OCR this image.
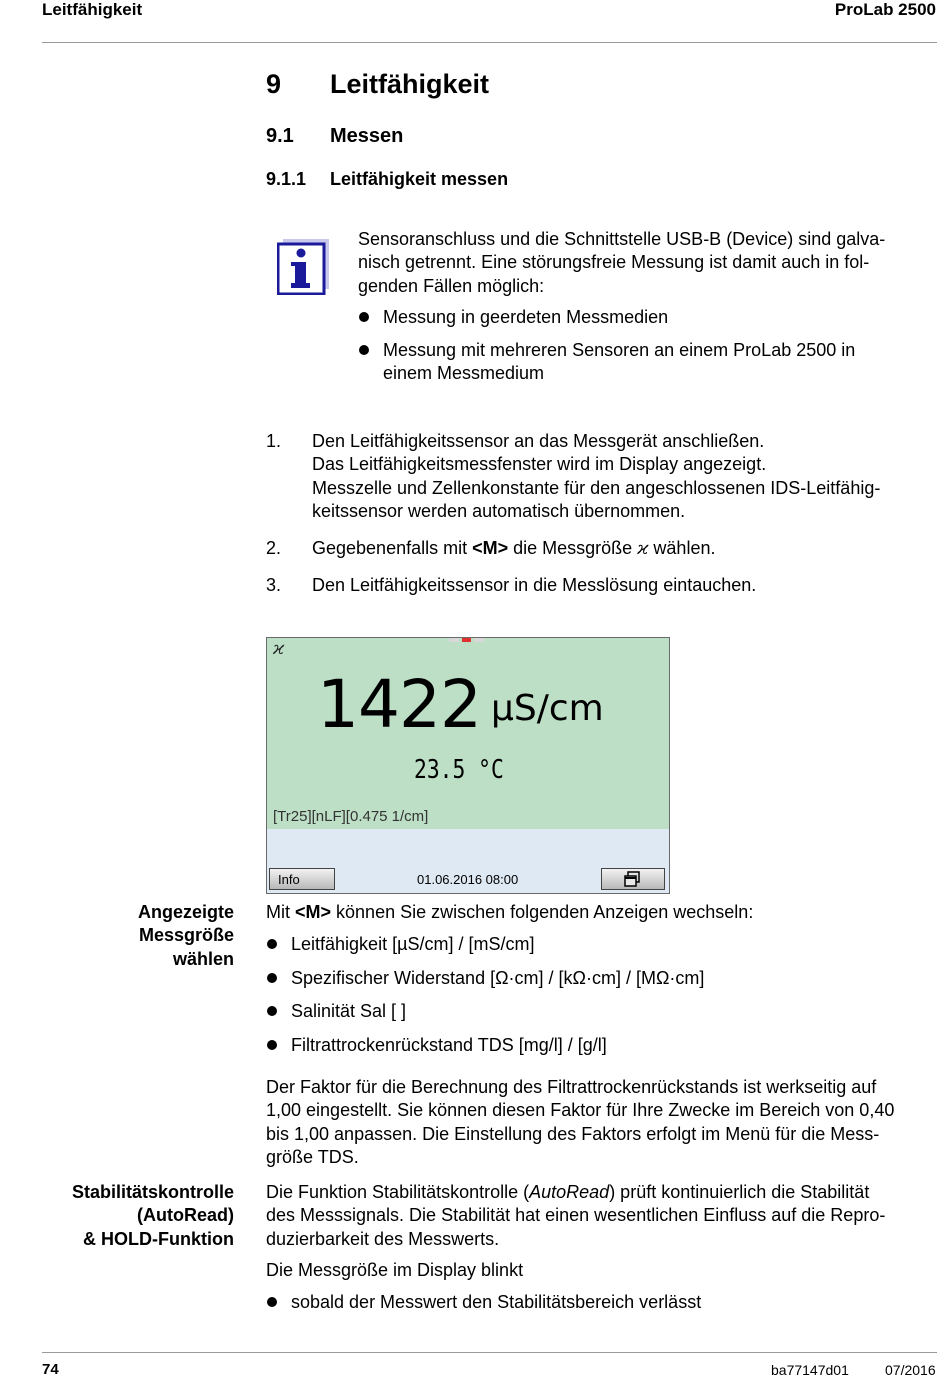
Leitfähigkeit	ProLab 2500
9 Leitfähigkeit
9.1 Messen
9.1.1 Leitfähigkeit messen
Sensoranschluss und die Schnittstelle USB-B (Device) sind galva-
nisch getrennt. Eine störungsfreie Messung ist damit auch in fol-
genden Fällen möglich:
Messung in geerdeten Messmedien
Messung mit mehreren Sensoren an einem ProLab 2500 in
einem Messmedium
1. Den Leitfähigkeitssensor an das Messgerät anschließen.
Das Leitfähigkeitsmessfenster wird im Display angezeigt.
Messzelle und Zellenkonstante für den angeschlossenen IDS-Leitfähig-
keitssensor werden automatisch übernommen.
2. Gegebenenfalls mit <M> die Messgröße ϰ wählen.
3. Den Leitfähigkeitssensor in die Messlösung eintauchen.
ϰ
1422 µS/cm
23.5 °C
[Tr25][nLF][0.475 1/cm]
Info	01.06.2016 08:00
Angezeigte
Messgröße
wählen
Mit <M> können Sie zwischen folgenden Anzeigen wechseln:
Leitfähigkeit [µS/cm] / [mS/cm]
Spezifischer Widerstand [Ω·cm] / [kΩ·cm] / [MΩ·cm]
Salinität Sal [ ]
Filtrattrockenrückstand TDS [mg/l] / [g/l]
Der Faktor für die Berechnung des Filtrattrockenrückstands ist werkseitig auf
1,00 eingestellt. Sie können diesen Faktor für Ihre Zwecke im Bereich von 0,40
bis 1,00 anpassen. Die Einstellung des Faktors erfolgt im Menü für die Mess-
größe TDS.
Stabilitätskontrolle
(AutoRead)
& HOLD-Funktion
Die Funktion Stabilitätskontrolle (AutoRead) prüft kontinuierlich die Stabilität
des Messsignals. Die Stabilität hat einen wesentlichen Einfluss auf die Repro-
duzierbarkeit des Messwerts.
Die Messgröße im Display blinkt
sobald der Messwert den Stabilitätsbereich verlässt
74	ba77147d01	07/2016
